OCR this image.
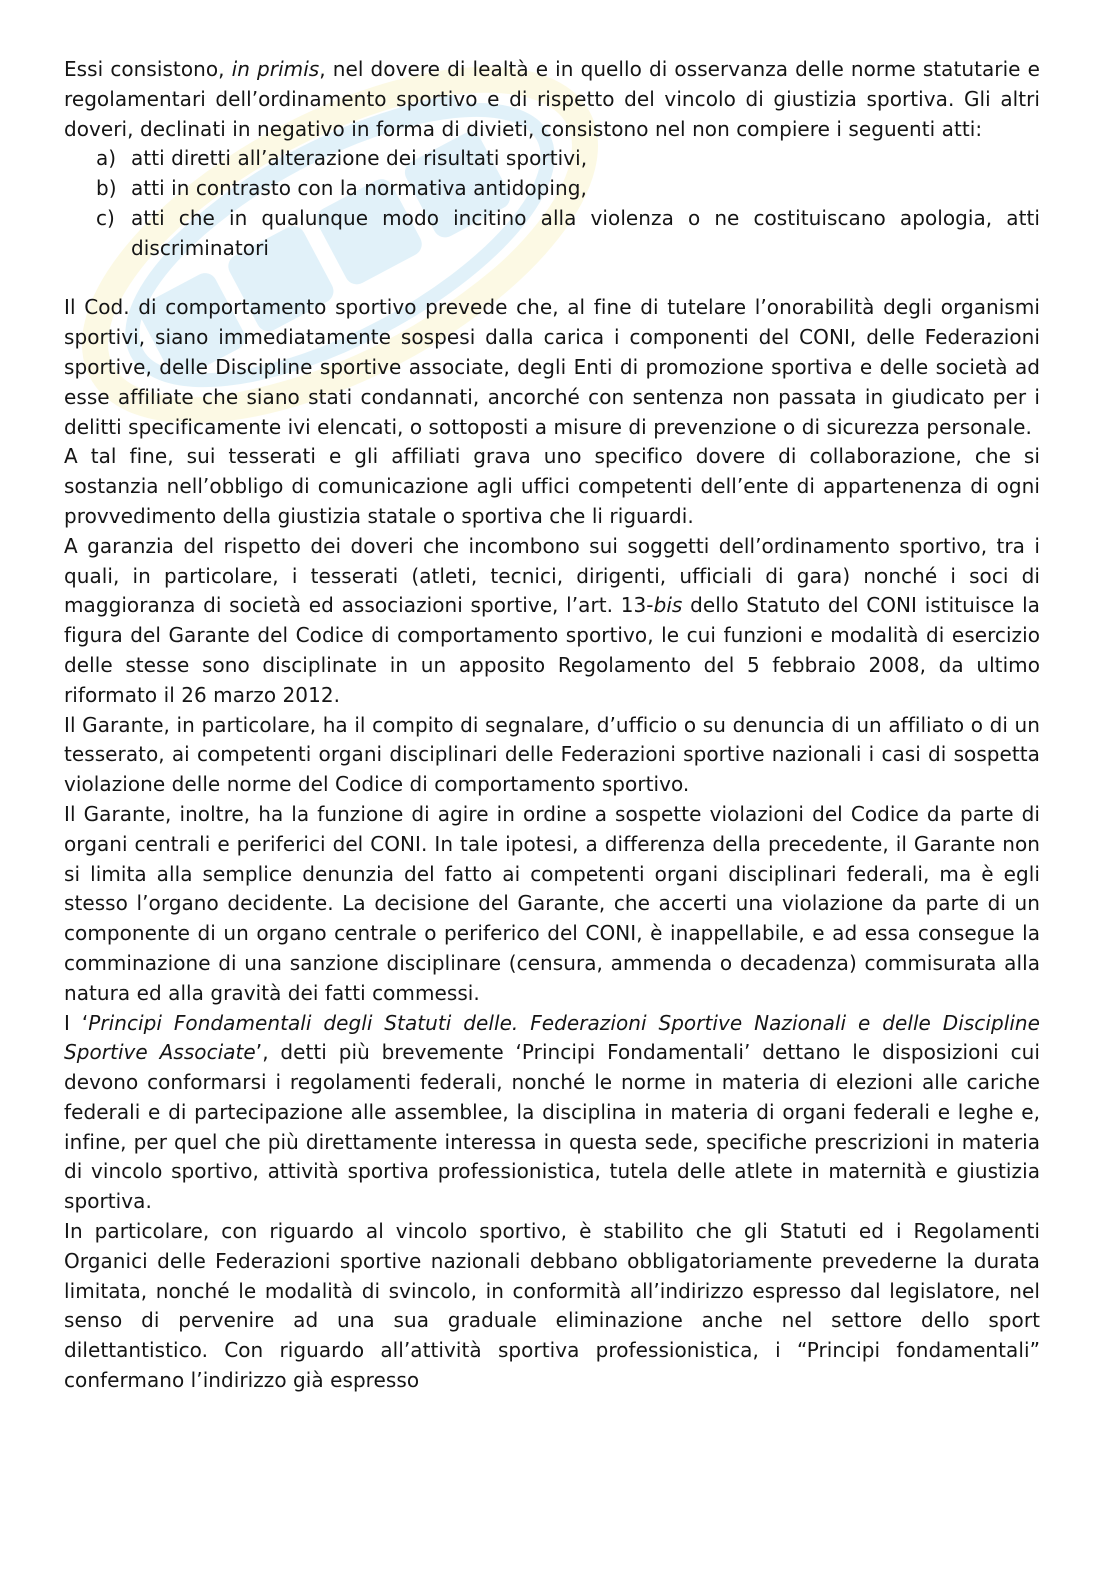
Essi consistono, in primis, nel dovere di lealtà e in quello di osservanza delle norme statutarie e regolamentari dell’ordinamento sportivo e di rispetto del vincolo di giustizia sportiva. Gli altri doveri, declinati in negativo in forma di divieti, consistono nel non compiere i seguenti atti:

a) atti diretti all’alterazione dei risultati sportivi,
b) atti in contrasto con la normativa antidoping,
c) atti che in qualunque modo incitino alla violenza o ne costituiscano apologia, atti discriminatori

Il Cod. di comportamento sportivo prevede che, al fine di tutelare l’onorabilità degli organismi sportivi, siano immediatamente sospesi dalla carica i componenti del CONI, delle Federazioni sportive, delle Discipline sportive associate, degli Enti di promozione sportiva e delle società ad esse affiliate che siano stati condannati, ancorché con sentenza non passata in giudicato per i delitti specificamente ivi elencati, o sottoposti a misure di prevenzione o di sicurezza personale.

A tal fine, sui tesserati e gli affiliati grava uno specifico dovere di collaborazione, che si sostanzia nell’obbligo di comunicazione agli uffici competenti dell’ente di appartenenza di ogni provvedimento della giustizia statale o sportiva che li riguardi.

A garanzia del rispetto dei doveri che incombono sui soggetti dell’ordinamento sportivo, tra i quali, in particolare, i tesserati (atleti, tecnici, dirigenti, ufficiali di gara) nonché i soci di maggioranza di società ed associazioni sportive, l’art. 13-bis dello Statuto del CONI istituisce la figura del Garante del Codice di comportamento sportivo, le cui funzioni e modalità di esercizio delle stesse sono disciplinate in un apposito Regolamento del 5 febbraio 2008, da ultimo riformato il 26 marzo 2012.

Il Garante, in particolare, ha il compito di segnalare, d’ufficio o su denuncia di un affiliato o di un tesserato, ai competenti organi disciplinari delle Federazioni sportive nazionali i casi di sospetta violazione delle norme del Codice di comportamento sportivo.

Il Garante, inoltre, ha la funzione di agire in ordine a sospette violazioni del Codice da parte di organi centrali e periferici del CONI. In tale ipotesi, a differenza della precedente, il Garante non si limita alla semplice denunzia del fatto ai competenti organi disciplinari federali, ma è egli stesso l’organo decidente. La decisione del Garante, che accerti una violazione da parte di un componente di un organo centrale o periferico del CONI, è inappellabile, e ad essa consegue la comminazione di una sanzione disciplinare (censura, ammenda o decadenza) commisurata alla natura ed alla gravità dei fatti commessi.

I ‘Principi Fondamentali degli Statuti delle. Federazioni Sportive Nazionali e delle Discipline Sportive Associate’, detti più brevemente ‘Principi Fondamentali’ dettano le disposizioni cui devono conformarsi i regolamenti federali, nonché le norme in materia di elezioni alle cariche federali e di partecipazione alle assemblee, la disciplina in materia di organi federali e leghe e, infine, per quel che più direttamente interessa in questa sede, specifiche prescrizioni in materia di vincolo sportivo, attività sportiva professionistica, tutela delle atlete in maternità e giustizia sportiva.

In particolare, con riguardo al vincolo sportivo, è stabilito che gli Statuti ed i Regolamenti Organici delle Federazioni sportive nazionali debbano obbligatoriamente prevederne la durata limitata, nonché le modalità di svincolo, in conformità all’indirizzo espresso dal legislatore, nel senso di pervenire ad una sua graduale eliminazione anche nel settore dello sport dilettantistico. Con riguardo all’attività sportiva professionistica, i “Principi fondamentali” confermano l’indirizzo già espresso
